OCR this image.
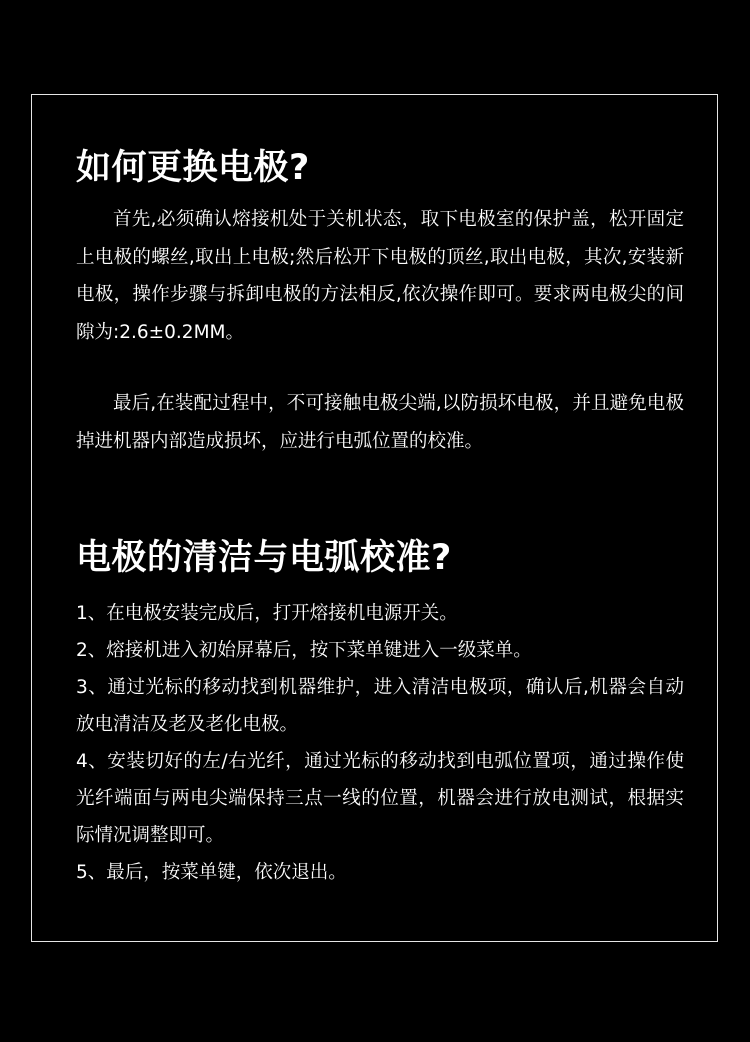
如何更换电极?

首先,必须确认熔接机处于关机状态，取下电极室的保护盖，松开固定上电极的螺丝,取出上电极;然后松开下电极的顶丝,取出电极，其次,安装新电极，操作步骤与拆卸电极的方法相反,依次操作即可。要求两电极尖的间隙为:2.6±0.2MM。

最后,在装配过程中，不可接触电极尖端,以防损坏电极，并且避免电极掉进机器内部造成损坏，应进行电弧位置的校准。

电极的清洁与电弧校准?
1、在电极安装完成后，打开熔接机电源开关。
2、熔接机进入初始屏幕后，按下菜单键进入一级菜单。
3、通过光标的移动找到机器维护，进入清洁电极项，确认后,机器会自动放电清洁及老及老化电极。
4、安装切好的左/右光纤，通过光标的移动找到电弧位置项，通过操作使光纤端面与两电尖端保持三点一线的位置，机器会进行放电测试，根据实际情况调整即可。
5、最后，按菜单键，依次退出。
